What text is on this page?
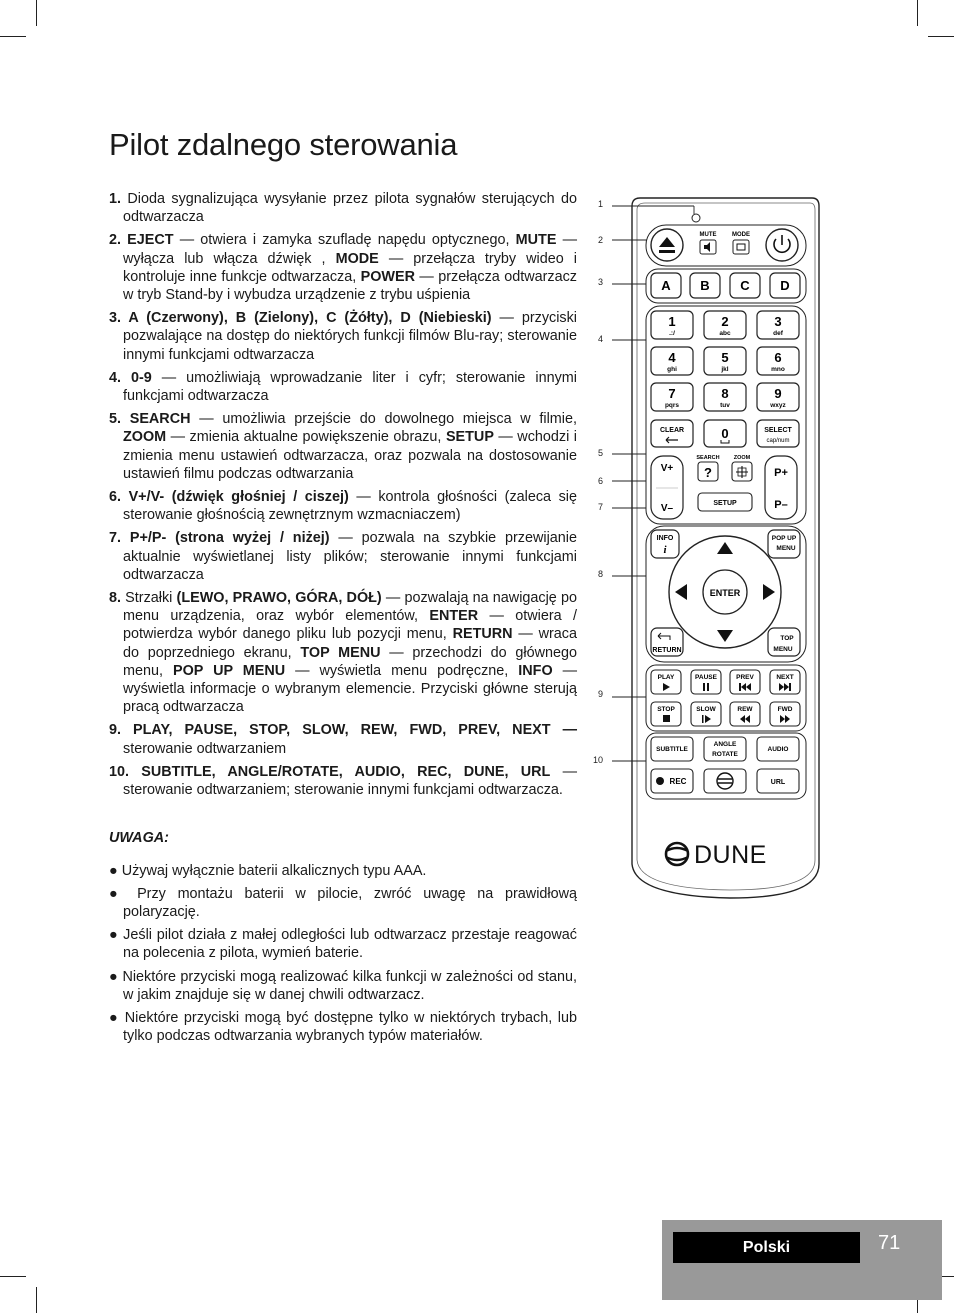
Pilot zdalnego sterowania
1. Dioda sygnalizująca wysyłanie przez pilota sygnałów sterujących do odtwarzacza
2. EJECT — otwiera i zamyka szufladę napędu optycznego, MUTE — wyłącza lub włącza dźwięk , MODE — przełącza tryby wideo i kontroluje inne funkcje odtwarzacza, POWER — przełącza odtwarzacz w tryb Stand-by i wybudza urządzenie z trybu uśpienia
3. A (Czerwony), B (Zielony), C (Żółty), D (Niebieski) — przyciski pozwalające na dostęp do niektórych funkcji filmów Blu-ray; sterowanie innymi funkcjami odtwarzacza
4. 0-9 — umożliwiają wprowadzanie liter i cyfr; sterowanie innymi funkcjami odtwarzacza
5. SEARCH — umożliwia przejście do dowolnego miejsca w filmie, ZOOM — zmienia aktualne powiększenie obrazu, SETUP — wchodzi i zmienia menu ustawień odtwarzacza, oraz pozwala na dostosowanie ustawień filmu podczas odtwarzania
6. V+/V- (dźwięk głośniej / ciszej) — kontrola głośności (zaleca się sterowanie głośnością zewnętrznym wzmacniaczem)
7. P+/P- (strona wyżej / niżej) — pozwala na szybkie przewijanie aktualnie wyświetlanej listy plików; sterowanie innymi funkcjami odtwarzacza
8. Strzałki (LEWO, PRAWO, GÓRA, DÓŁ) — pozwalają na nawigację po menu urządzenia, oraz wybór elementów, ENTER — otwiera / potwierdza wybór danego pliku lub pozycji menu, RETURN — wraca do poprzedniego ekranu, TOP MENU — przechodzi do głównego menu, POP UP MENU — wyświetla menu podręczne, INFO — wyświetla informacje o wybranym elemencie. Przyciski główne sterują pracą odtwarzacza
9. PLAY, PAUSE, STOP, SLOW, REW, FWD, PREV, NEXT — sterowanie odtwarzaniem
10. SUBTITLE, ANGLE/ROTATE, AUDIO, REC, DUNE, URL — sterowanie odtwarzaniem; sterowanie innymi funkcjami odtwarzacza.
UWAGA:
● Używaj wyłącznie baterii alkalicznych typu AAA.
● Przy montażu baterii w pilocie, zwróć uwagę na prawidłową polaryzację.
● Jeśli pilot działa z małej odległości lub odtwarzacz przestaje reagować na polecenia z pilota, wymień baterie.
● Niektóre przyciski mogą realizować kilka funkcji w zależności od stanu, w jakim znajduje się w danej chwili odtwarzacz.
● Niektóre przyciski mogą być dostępne tylko w niektórych trybach, lub tylko podczas odtwarzania wybranych typów materiałów.
1
2
3
4
5
6
7
8
9
10
MUTE	MODE
A B C D
1
.:/
2
abc
3
def
4
ghi
5
jkl
6
mno
7
pqrs
8
tuv
9
wxyz
CLEAR	0	SELECT
cap/num
V+
V–
P+
P–
SEARCH	ZOOM
?
SETUP
INFO
i
POP UP
MENU
ENTER
RETURN
TOP
MENU
PLAY	PAUSE	PREV	NEXT
STOP	SLOW	REW	FWD
SUBTITLE
ANGLE
ROTATE
AUDIO
REC	URL
DUNE
Polski	71
